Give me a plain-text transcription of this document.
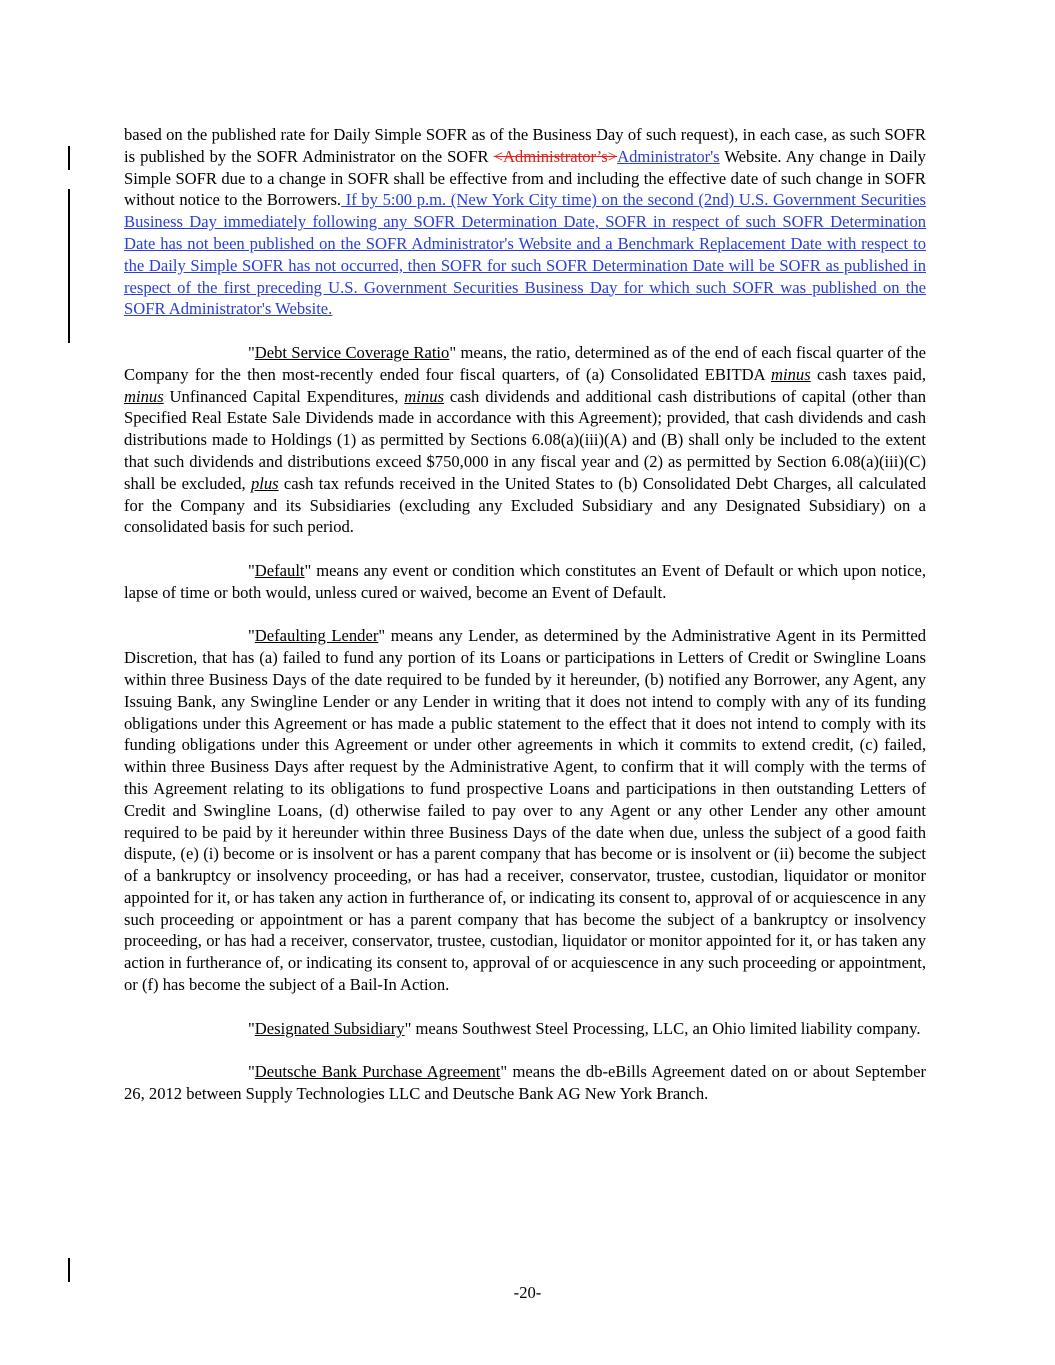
based on the published rate for Daily Simple SOFR as of the Business Day of such request), in each case, as such SOFR is published by the SOFR Administrator on the SOFR <Administrator’s>Administrator's Website. Any change in Daily Simple SOFR due to a change in SOFR shall be effective from and including the effective date of such change in SOFR without notice to the Borrowers. If by 5:00 p.m. (New York City time) on the second (2nd) U.S. Government Securities Business Day immediately following any SOFR Determination Date, SOFR in respect of such SOFR Determination Date has not been published on the SOFR Administrator's Website and a Benchmark Replacement Date with respect to the Daily Simple SOFR has not occurred, then SOFR for such SOFR Determination Date will be SOFR as published in respect of the first preceding U.S. Government Securities Business Day for which such SOFR was published on the SOFR Administrator's Website.

"Debt Service Coverage Ratio" means, the ratio, determined as of the end of each fiscal quarter of the Company for the then most-recently ended four fiscal quarters, of (a) Consolidated EBITDA minus cash taxes paid, minus Unfinanced Capital Expenditures, minus cash dividends and additional cash distributions of capital (other than Specified Real Estate Sale Dividends made in accordance with this Agreement); provided, that cash dividends and cash distributions made to Holdings (1) as permitted by Sections 6.08(a)(iii)(A) and (B) shall only be included to the extent that such dividends and distributions exceed $750,000 in any fiscal year and (2) as permitted by Section 6.08(a)(iii)(C) shall be excluded, plus cash tax refunds received in the United States to (b) Consolidated Debt Charges, all calculated for the Company and its Subsidiaries (excluding any Excluded Subsidiary and any Designated Subsidiary) on a consolidated basis for such period.

"Default" means any event or condition which constitutes an Event of Default or which upon notice, lapse of time or both would, unless cured or waived, become an Event of Default.

"Defaulting Lender" means any Lender, as determined by the Administrative Agent in its Permitted Discretion, that has (a) failed to fund any portion of its Loans or participations in Letters of Credit or Swingline Loans within three Business Days of the date required to be funded by it hereunder, (b) notified any Borrower, any Agent, any Issuing Bank, any Swingline Lender or any Lender in writing that it does not intend to comply with any of its funding obligations under this Agreement or has made a public statement to the effect that it does not intend to comply with its funding obligations under this Agreement or under other agreements in which it commits to extend credit, (c) failed, within three Business Days after request by the Administrative Agent, to confirm that it will comply with the terms of this Agreement relating to its obligations to fund prospective Loans and participations in then outstanding Letters of Credit and Swingline Loans, (d) otherwise failed to pay over to any Agent or any other Lender any other amount required to be paid by it hereunder within three Business Days of the date when due, unless the subject of a good faith dispute, (e) (i) become or is insolvent or has a parent company that has become or is insolvent or (ii) become the subject of a bankruptcy or insolvency proceeding, or has had a receiver, conservator, trustee, custodian, liquidator or monitor appointed for it, or has taken any action in furtherance of, or indicating its consent to, approval of or acquiescence in any such proceeding or appointment or has a parent company that has become the subject of a bankruptcy or insolvency proceeding, or has had a receiver, conservator, trustee, custodian, liquidator or monitor appointed for it, or has taken any action in furtherance of, or indicating its consent to, approval of or acquiescence in any such proceeding or appointment, or (f) has become the subject of a Bail-In Action.

"Designated Subsidiary" means Southwest Steel Processing, LLC, an Ohio limited liability company.

"Deutsche Bank Purchase Agreement" means the db-eBills Agreement dated on or about September 26, 2012 between Supply Technologies LLC and Deutsche Bank AG New York Branch.

-20-
